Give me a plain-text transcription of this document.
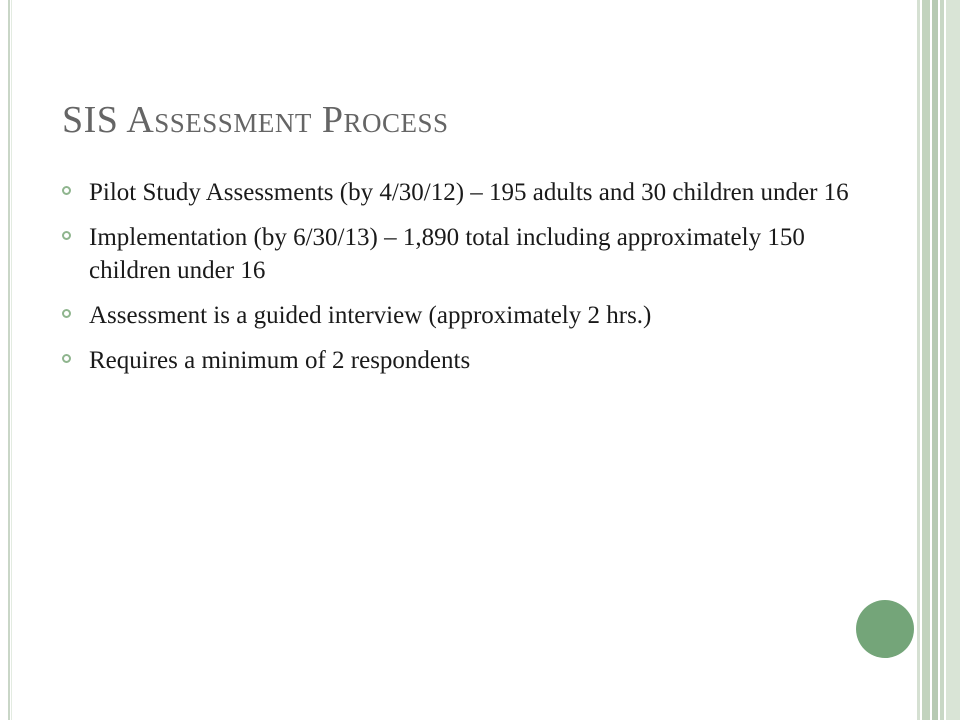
SIS Assessment Process
Pilot Study Assessments (by 4/30/12) – 195 adults and 30 children under 16
Implementation (by 6/30/13) – 1,890 total including approximately 150 children under 16
Assessment is a guided interview (approximately 2 hrs.)
Requires a minimum of 2 respondents
